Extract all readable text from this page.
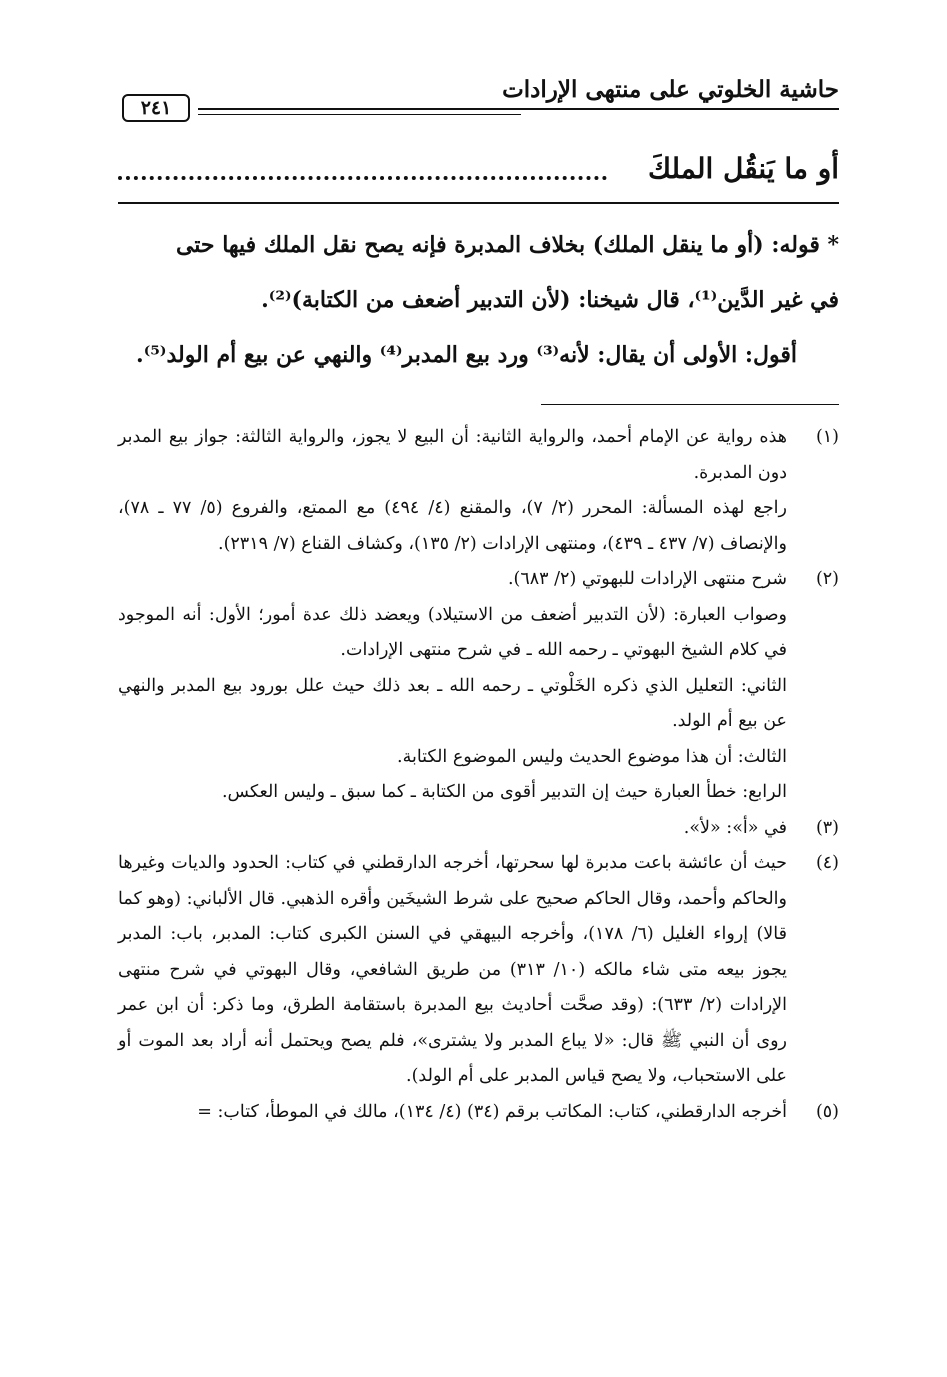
حاشية الخلوتي على منتهى الإرادات
٢٤١
أو ما يَنقُل الملكَ

* قوله: (أو ما ينقل الملك) بخلاف المدبرة فإنه يصح نقل الملك فيها حتى

في غير الدَّين⁽¹⁾، قال شيخنا: (لأن التدبير أضعف من الكتابة)⁽²⁾.

أقول: الأولى أن يقال: لأنه⁽³⁾ ورد بيع المدبر⁽⁴⁾ والنهي عن بيع أم الولد⁽⁵⁾.

(١)

هذه رواية عن الإمام أحمد، والرواية الثانية: أن البيع لا يجوز، والرواية الثالثة: جواز بيع المدبر دون المدبرة.

راجع لهذه المسألة: المحرر (٢/ ٧)، والمقنع (٤/ ٤٩٤) مع الممتع، والفروع (٥/ ٧٧ ـ ٧٨)، والإنصاف (٧/ ٤٣٧ ـ ٤٣٩)، ومنتهى الإرادات (٢/ ١٣٥)، وكشاف القناع (٧/ ٢٣١٩).

(٢)

شرح منتهى الإرادات للبهوتي (٢/ ٦٨٣).

وصواب العبارة: (لأن التدبير أضعف من الاستيلاد) ويعضد ذلك عدة أمور؛ الأول: أنه الموجود في كلام الشيخ البهوتي ـ رحمه الله ـ في شرح منتهى الإرادات.

الثاني: التعليل الذي ذكره الخَلْوتي ـ رحمه الله ـ بعد ذلك حيث علل بورود بيع المدبر والنهي عن بيع أم الولد.

الثالث: أن هذا موضوع الحديث وليس الموضوع الكتابة.

الرابع: خطأ العبارة حيث إن التدبير أقوى من الكتابة ـ كما سبق ـ وليس العكس.

(٣)

في «أ»: «لأ».

(٤)

حيث أن عائشة باعت مدبرة لها سحرتها، أخرجه الدارقطني في كتاب: الحدود والديات وغيرها والحاكم وأحمد، وقال الحاكم صحيح على شرط الشيخَين وأقره الذهبي. قال الألباني: (وهو كما قالا) إرواء الغليل (٦/ ١٧٨)، وأخرجه البيهقي في السنن الكبرى كتاب: المدبر، باب: المدبر يجوز بيعه متى شاء مالكه (١٠/ ٣١٣) من طريق الشافعي، وقال البهوتي في شرح منتهى الإرادات (٢/ ٦٣٣): (وقد صحَّت أحاديث بيع المدبرة باستقامة الطرق، وما ذكر: أن ابن عمر روى أن النبي ﷺ قال: «لا يباع المدبر ولا يشترى»، فلم يصح ويحتمل أنه أراد بعد الموت أو على الاستحباب، ولا يصح قياس المدبر على أم الولد).

(٥)

أخرجه الدارقطني، كتاب: المكاتب برقم (٣٤) (٤/ ١٣٤)، مالك في الموطأ، كتاب: =
